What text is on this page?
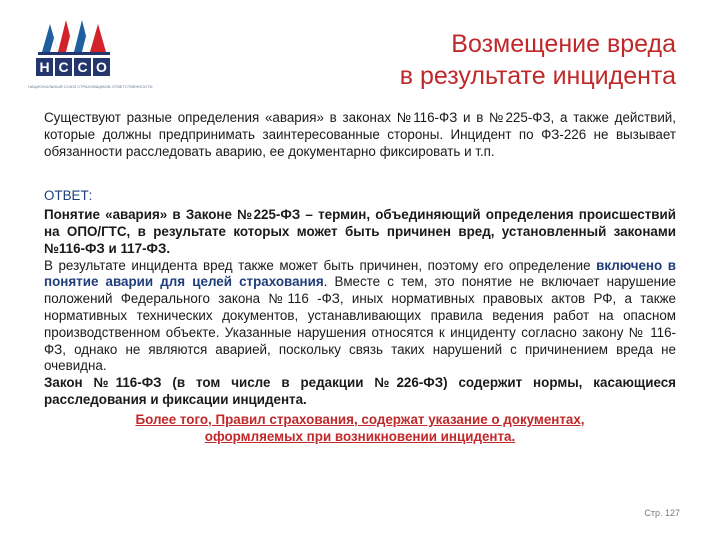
Н С С О
НАЦИОНАЛЬНЫЙ СОЮЗ СТРАХОВЩИКОВ ОТВЕТСТВЕННОСТИ
Возмещение вреда
в результате инцидента

Существуют разные определения «авария» в законах №116-ФЗ и в №225-ФЗ, а также действий, которые должны предпринимать заинтересованные стороны. Инцидент по ФЗ-226 не вызывает обязанности расследовать аварию, ее документарно фиксировать и т.п.

ОТВЕТ:

Понятие «авария» в Законе №225-ФЗ – термин, объединяющий определения происшествий на ОПО/ГТС, в результате которых может быть причинен вред, установленный законами №116-ФЗ и 117-ФЗ.

В результате инцидента вред также может быть причинен, поэтому его определение включено в понятие аварии для целей страхования. Вместе с тем, это понятие не включает нарушение положений Федерального закона №116 -ФЗ, иных нормативных правовых актов РФ, а также нормативных технических документов, устанавливающих правила ведения работ на опасном производственном объекте. Указанные нарушения относятся к инциденту согласно закону № 116-ФЗ, однако не являются аварией, поскольку связь таких нарушений с причинением вреда не очевидна.

Закон №116-ФЗ (в том числе в редакции №226-ФЗ) содержит нормы, касающиеся расследования и фиксации инцидента.

Более того, Правил страхования, содержат указание о документах,
оформляемых при возникновении инцидента.

Стр. 127
